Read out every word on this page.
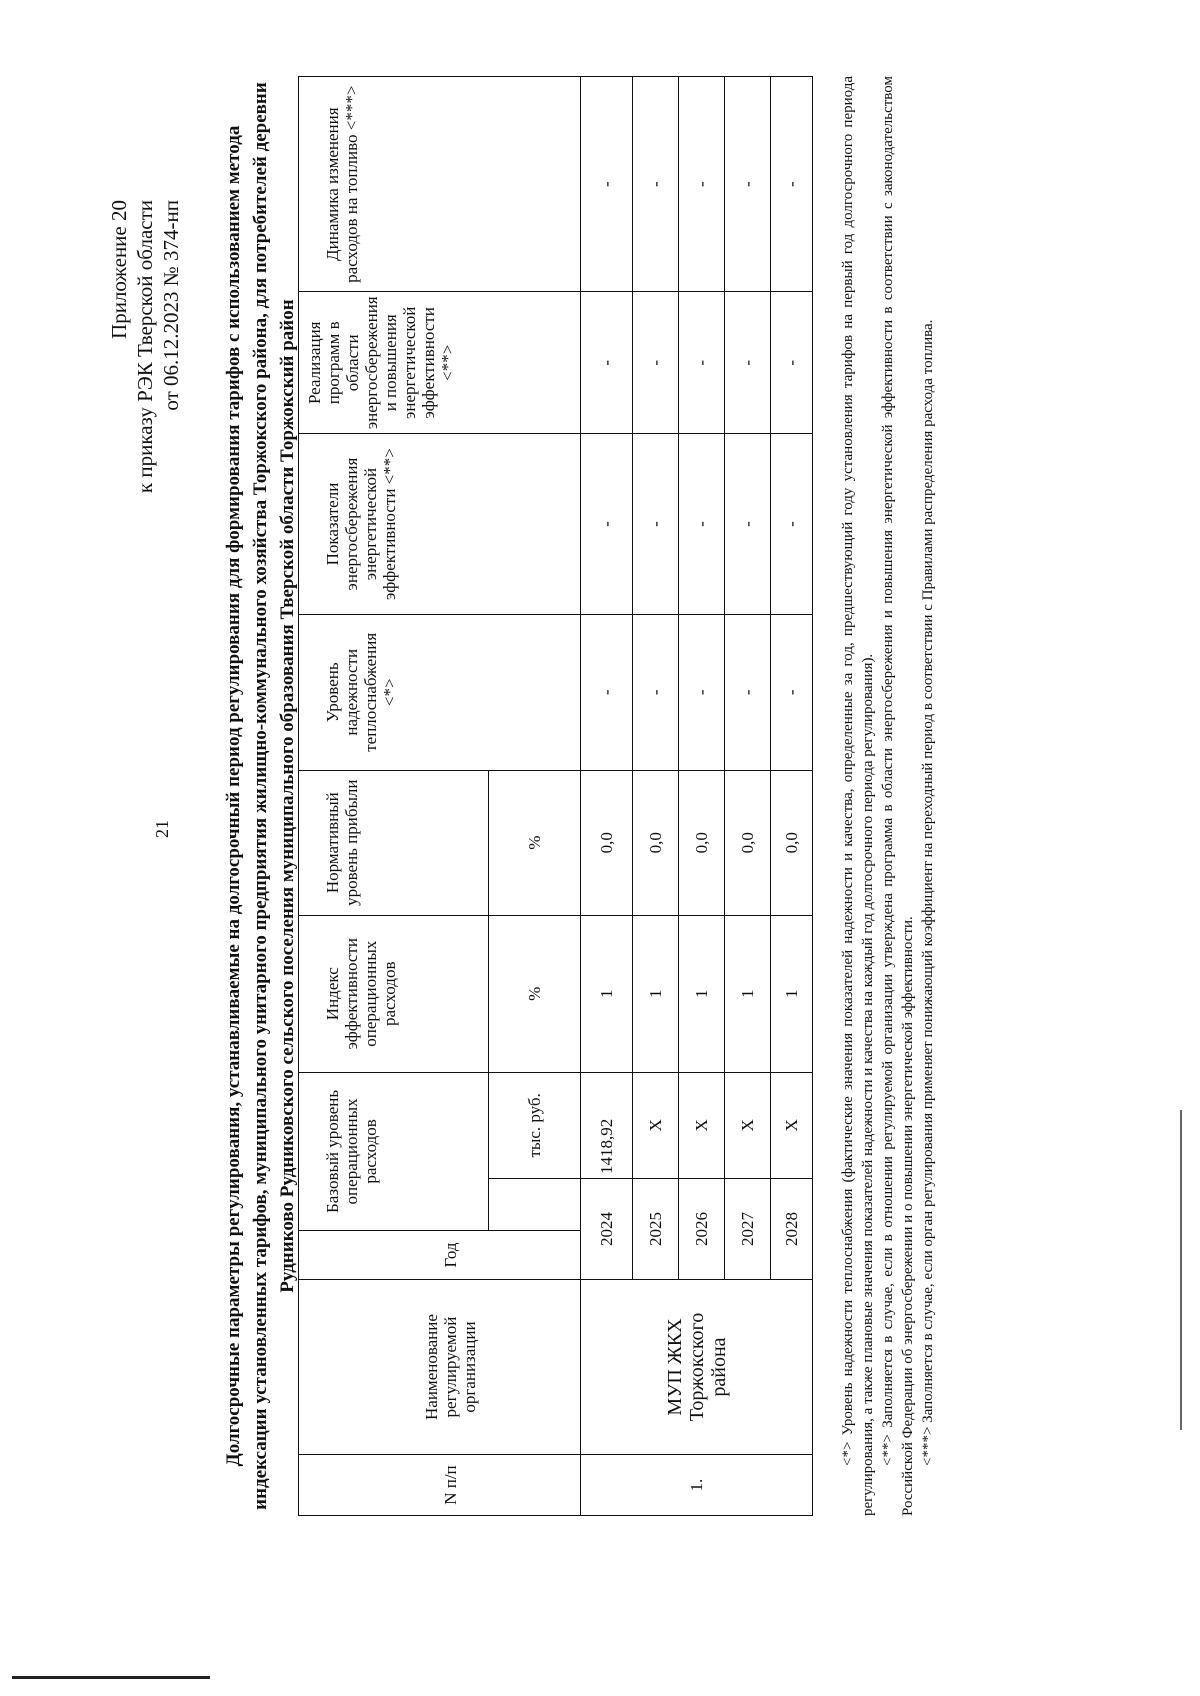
21
Приложение 20 к приказу РЭК Тверской области от 06.12.2023 № 374-нп Долгосрочные параметры регулирования, устанавливаемые на долгосрочный период регулирования для формирования тарифов с использованием метода индексации установленных тарифов, муниципального унитарного предприятия жилищно-коммунального хозяйства Торжокского района, для потребителей деревни Рудниково Рудниковского сельского поселения муниципального образования Тверской области Торжокский район
N п/п	Наименование регулируемой организации	Год	Базовый уровень операционных расходов		Индекс эффективности операционных расходов	Нормативный уровень прибыли	Уровень надежности теплоснабжения <*>	Показатели энергосбережения энергетической эффективности <**>	Реализация программ в области энергосбережения и повышения энергетической эффективности <**>	Динамика изменения расходов на топливо <***>
				тыс. руб.	%	%				
1.	МУП ЖКХ Торжокского района	2024		1418,92	1	0,0	-	-	-	-
		2025		X	1	0,0	-	-	-	-
		2026		X	1	0,0	-	-	-	-
		2027		X	1	0,0	-	-	-	-
		2028		X	1	0,0	-	-	-	-	<*> Уровень надежности теплоснабжения (фактические значения показателей надежности и качества, определенные за год, предшествующий году установления тарифов на первый год долгосрочного периода регулирования, а также плановые значения показателей надежности и качества на каждый год долгосрочного периода регулирования). <**> Заполняется в случае, если в отношении регулируемой организации утверждена программа в области энергосбережения и повышения энергетической эффективности в соответствии с законодательством Российской Федерации об энергосбережении и о повышении энергетической эффективности. <***> Заполняется в случае, если орган регулирования применяет понижающий коэффициент на переходный период в соответствии с Правилами распределения расхода топлива.
